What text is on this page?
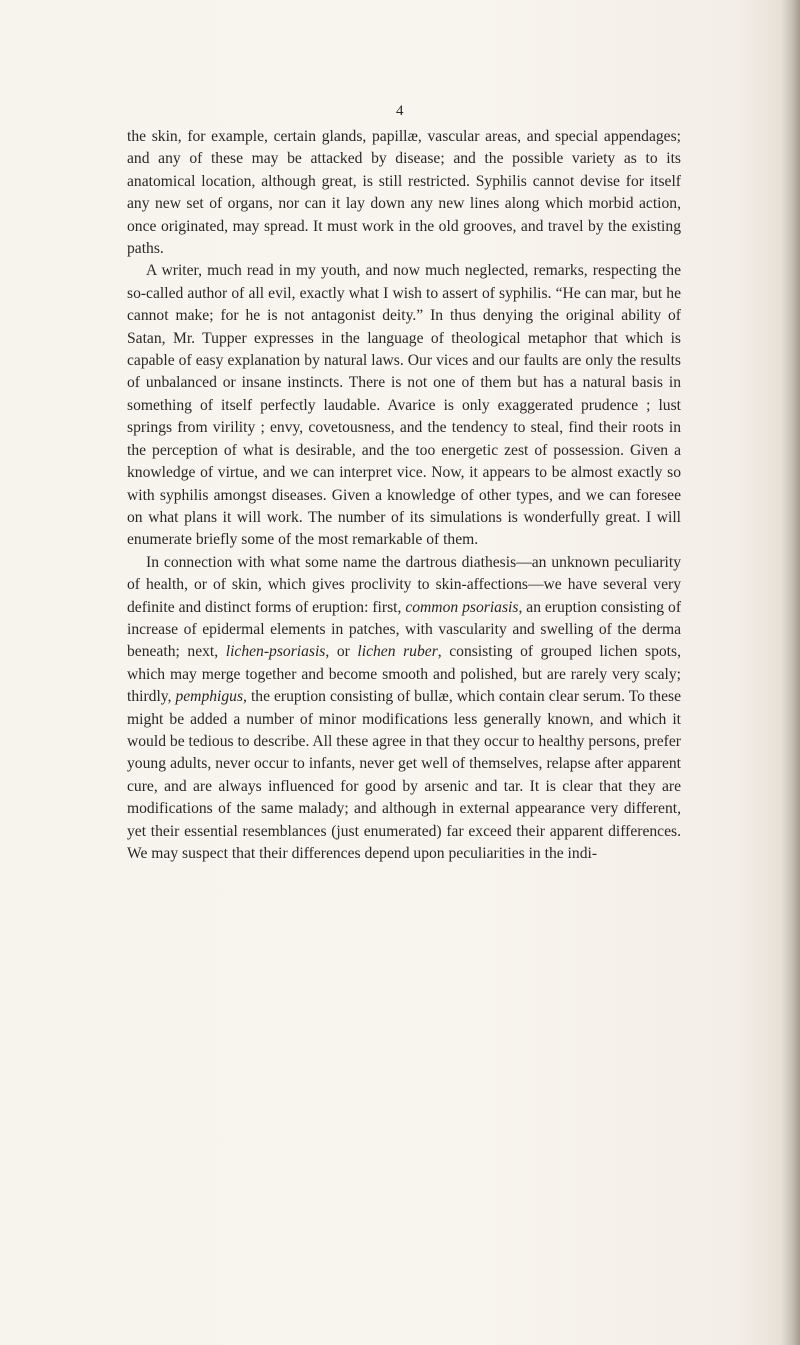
4

the skin, for example, certain glands, papillæ, vascular areas, and special appendages; and any of these may be attacked by disease; and the possible variety as to its anatomical location, although great, is still restricted. Syphilis cannot devise for itself any new set of organs, nor can it lay down any new lines along which morbid action, once originated, may spread. It must work in the old grooves, and travel by the existing paths.

A writer, much read in my youth, and now much neglected, remarks, respecting the so-called author of all evil, exactly what I wish to assert of syphilis. “He can mar, but he cannot make; for he is not antagonist deity.” In thus denying the original ability of Satan, Mr. Tupper expresses in the language of theological metaphor that which is capable of easy explanation by natural laws. Our vices and our faults are only the results of unbalanced or insane instincts. There is not one of them but has a natural basis in something of itself perfectly laudable. Avarice is only exaggerated prudence ; lust springs from virility ; envy, covetousness, and the tendency to steal, find their roots in the perception of what is desirable, and the too energetic zest of possession. Given a knowledge of virtue, and we can interpret vice. Now, it appears to be almost exactly so with syphilis amongst diseases. Given a knowledge of other types, and we can foresee on what plans it will work. The number of its simulations is wonderfully great. I will enumerate briefly some of the most remarkable of them.

In connection with what some name the dartrous diathesis—an unknown peculiarity of health, or of skin, which gives proclivity to skin-affections—we have several very definite and distinct forms of eruption: first, common psoriasis, an eruption consisting of increase of epidermal elements in patches, with vascularity and swelling of the derma beneath; next, lichen-psoriasis, or lichen ruber, consisting of grouped lichen spots, which may merge together and become smooth and polished, but are rarely very scaly; thirdly, pemphigus, the eruption consisting of bullæ, which contain clear serum. To these might be added a number of minor modifications less generally known, and which it would be tedious to describe. All these agree in that they occur to healthy persons, prefer young adults, never occur to infants, never get well of themselves, relapse after apparent cure, and are always influenced for good by arsenic and tar. It is clear that they are modifications of the same malady; and although in external appearance very different, yet their essential resemblances (just enumerated) far exceed their apparent differences. We may suspect that their differences depend upon peculiarities in the indi-
